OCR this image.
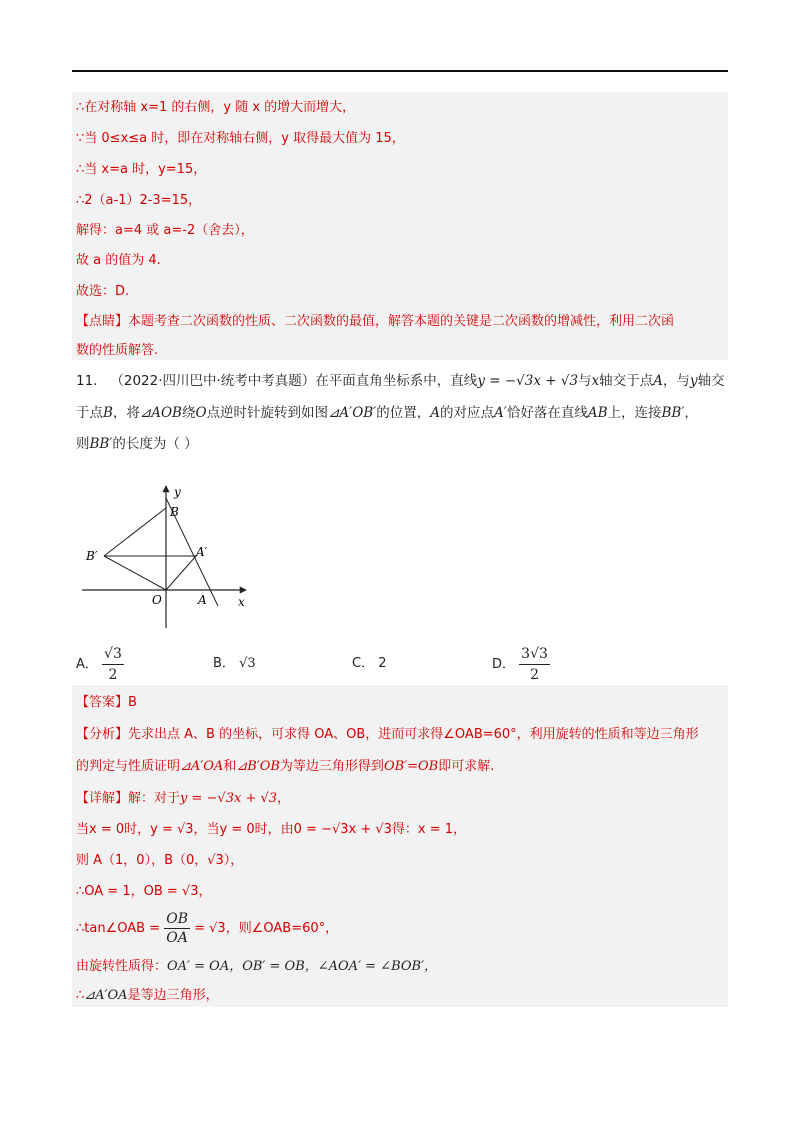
∴在对称轴 x=1 的右侧，y 随 x 的增大而增大，
∵当 0≤x≤a 时，即在对称轴右侧，y 取得最大值为 15，
∴当 x=a 时，y=15，
∴2（a-1）2-3=15，
解得：a=4 或 a=-2（舍去），
故 a 的值为 4.
故选：D.
【点睛】本题考查二次函数的性质、二次函数的最值，解答本题的关键是二次函数的增减性，利用二次函
数的性质解答.
11. （2022·四川巴中·统考中考真题）在平面直角坐标系中，直线y = −√3x + √3与x轴交于点A，与y轴交
于点B，将⊿AOB绕O点逆时针旋转到如图⊿A′OB′的位置，A的对应点A′恰好落在直线AB上，连接BB′，
则BB′的长度为（ ）
y
B
B′	A′
O	A	x
A． $\frac{√3}{2}$	B． √3	C． 2	D． $\frac{3√3}{2}$
【答案】B
【分析】先求出点 A、B 的坐标，可求得 OA、OB，进而可求得∠OAB=60°，利用旋转的性质和等边三角形
的判定与性质证明⊿A′OA和⊿B′OB为等边三角形得到OB′=OB即可求解.
【详解】解：对于y = −√3x + √3，
当x = 0时，y = √3，当y = 0时，由0 = −√3x + √3得：x = 1，
则 A（1，0），B（0，√3），
∴OA = 1，OB = √3，
∴tan∠OAB = $\frac{OB}{OA} = √3$，则∠OAB=60°，
由旋转性质得：OA′ = OA，OB′ = OB，∠AOA′ = ∠BOB′，
∴⊿A′OA是等边三角形，
